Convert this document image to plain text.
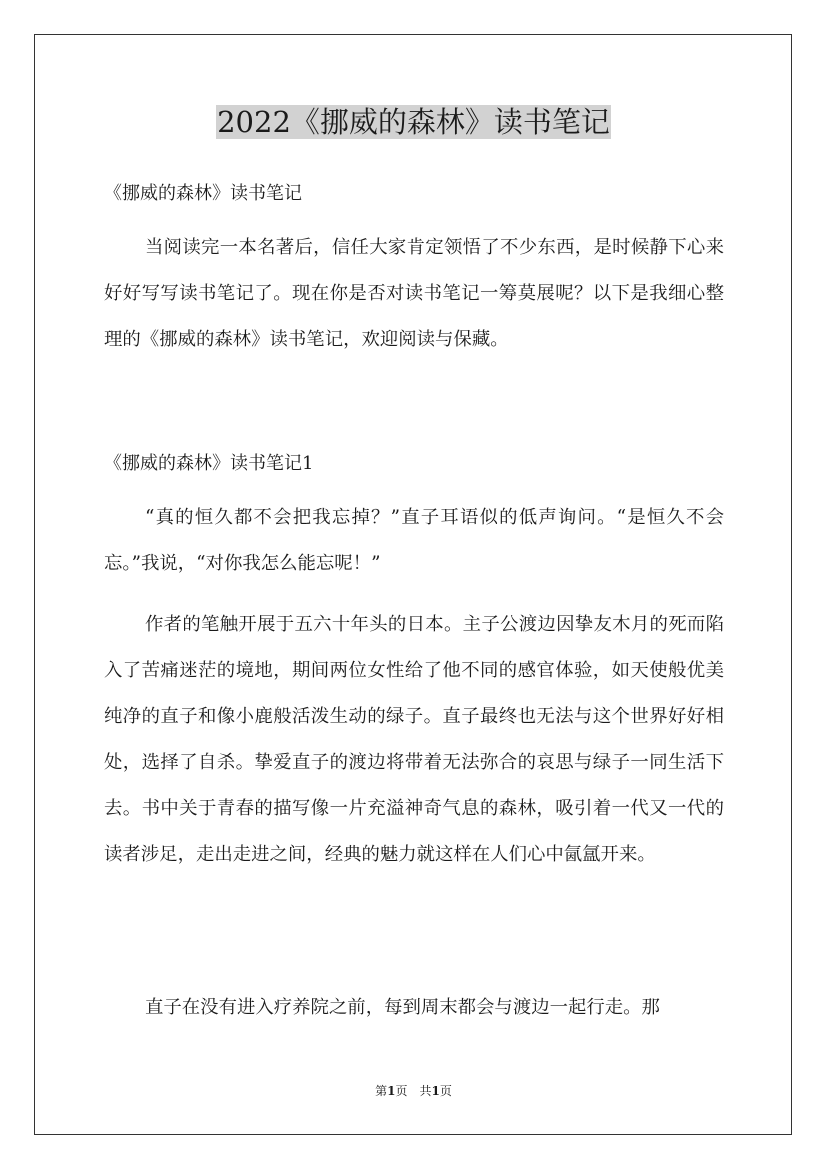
2022《挪威的森林》读书笔记
《挪威的森林》读书笔记

当阅读完一本名著后，信任大家肯定领悟了不少东西，是时候静下心来好好写写读书笔记了。现在你是否对读书笔记一筹莫展呢？以下是我细心整理的《挪威的森林》读书笔记，欢迎阅读与保藏。

《挪威的森林》读书笔记1

“真的恒久都不会把我忘掉？”直子耳语似的低声询问。“是恒久不会忘。”我说，“对你我怎么能忘呢！”

作者的笔触开展于五六十年头的日本。主子公渡边因挚友木月的死而陷入了苦痛迷茫的境地，期间两位女性给了他不同的感官体验，如天使般优美纯净的直子和像小鹿般活泼生动的绿子。直子最终也无法与这个世界好好相处，选择了自杀。挚爱直子的渡边将带着无法弥合的哀思与绿子一同生活下去。书中关于青春的描写像一片充溢神奇气息的森林，吸引着一代又一代的读者涉足，走出走进之间，经典的魅力就这样在人们心中氤氲开来。

直子在没有进入疗养院之前，每到周末都会与渡边一起行走。那

第1页　共1页
